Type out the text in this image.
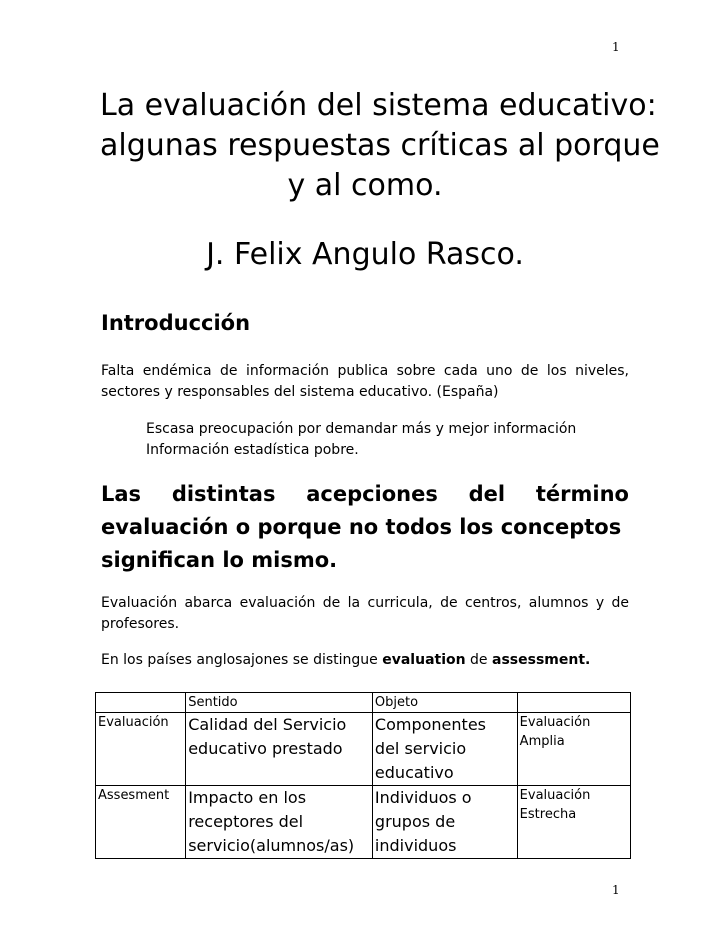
1
La evaluación del sistema educativo:
algunas respuestas críticas al porque
y al como.
J. Felix Angulo Rasco.
Introducción
Falta endémica de información publica sobre cada uno de los niveles, sectores y responsables del sistema educativo. (España)
Escasa preocupación por demandar más y mejor información
Información estadística pobre.
Las distintas acepciones del término
evaluación o porque no todos los conceptos
significan lo mismo.
Evaluación abarca evaluación de la curricula, de centros, alumnos y de profesores.
En los países anglosajones se distingue evaluation de assessment.
	Sentido	Objeto	
Evaluación	Calidad del Servicio educativo prestado	Componentes del servicio educativo	Evaluación Amplia
Assesment	Impacto en los receptores del servicio(alumnos/as)	Individuos o grupos de individuos	Evaluación Estrecha
1
